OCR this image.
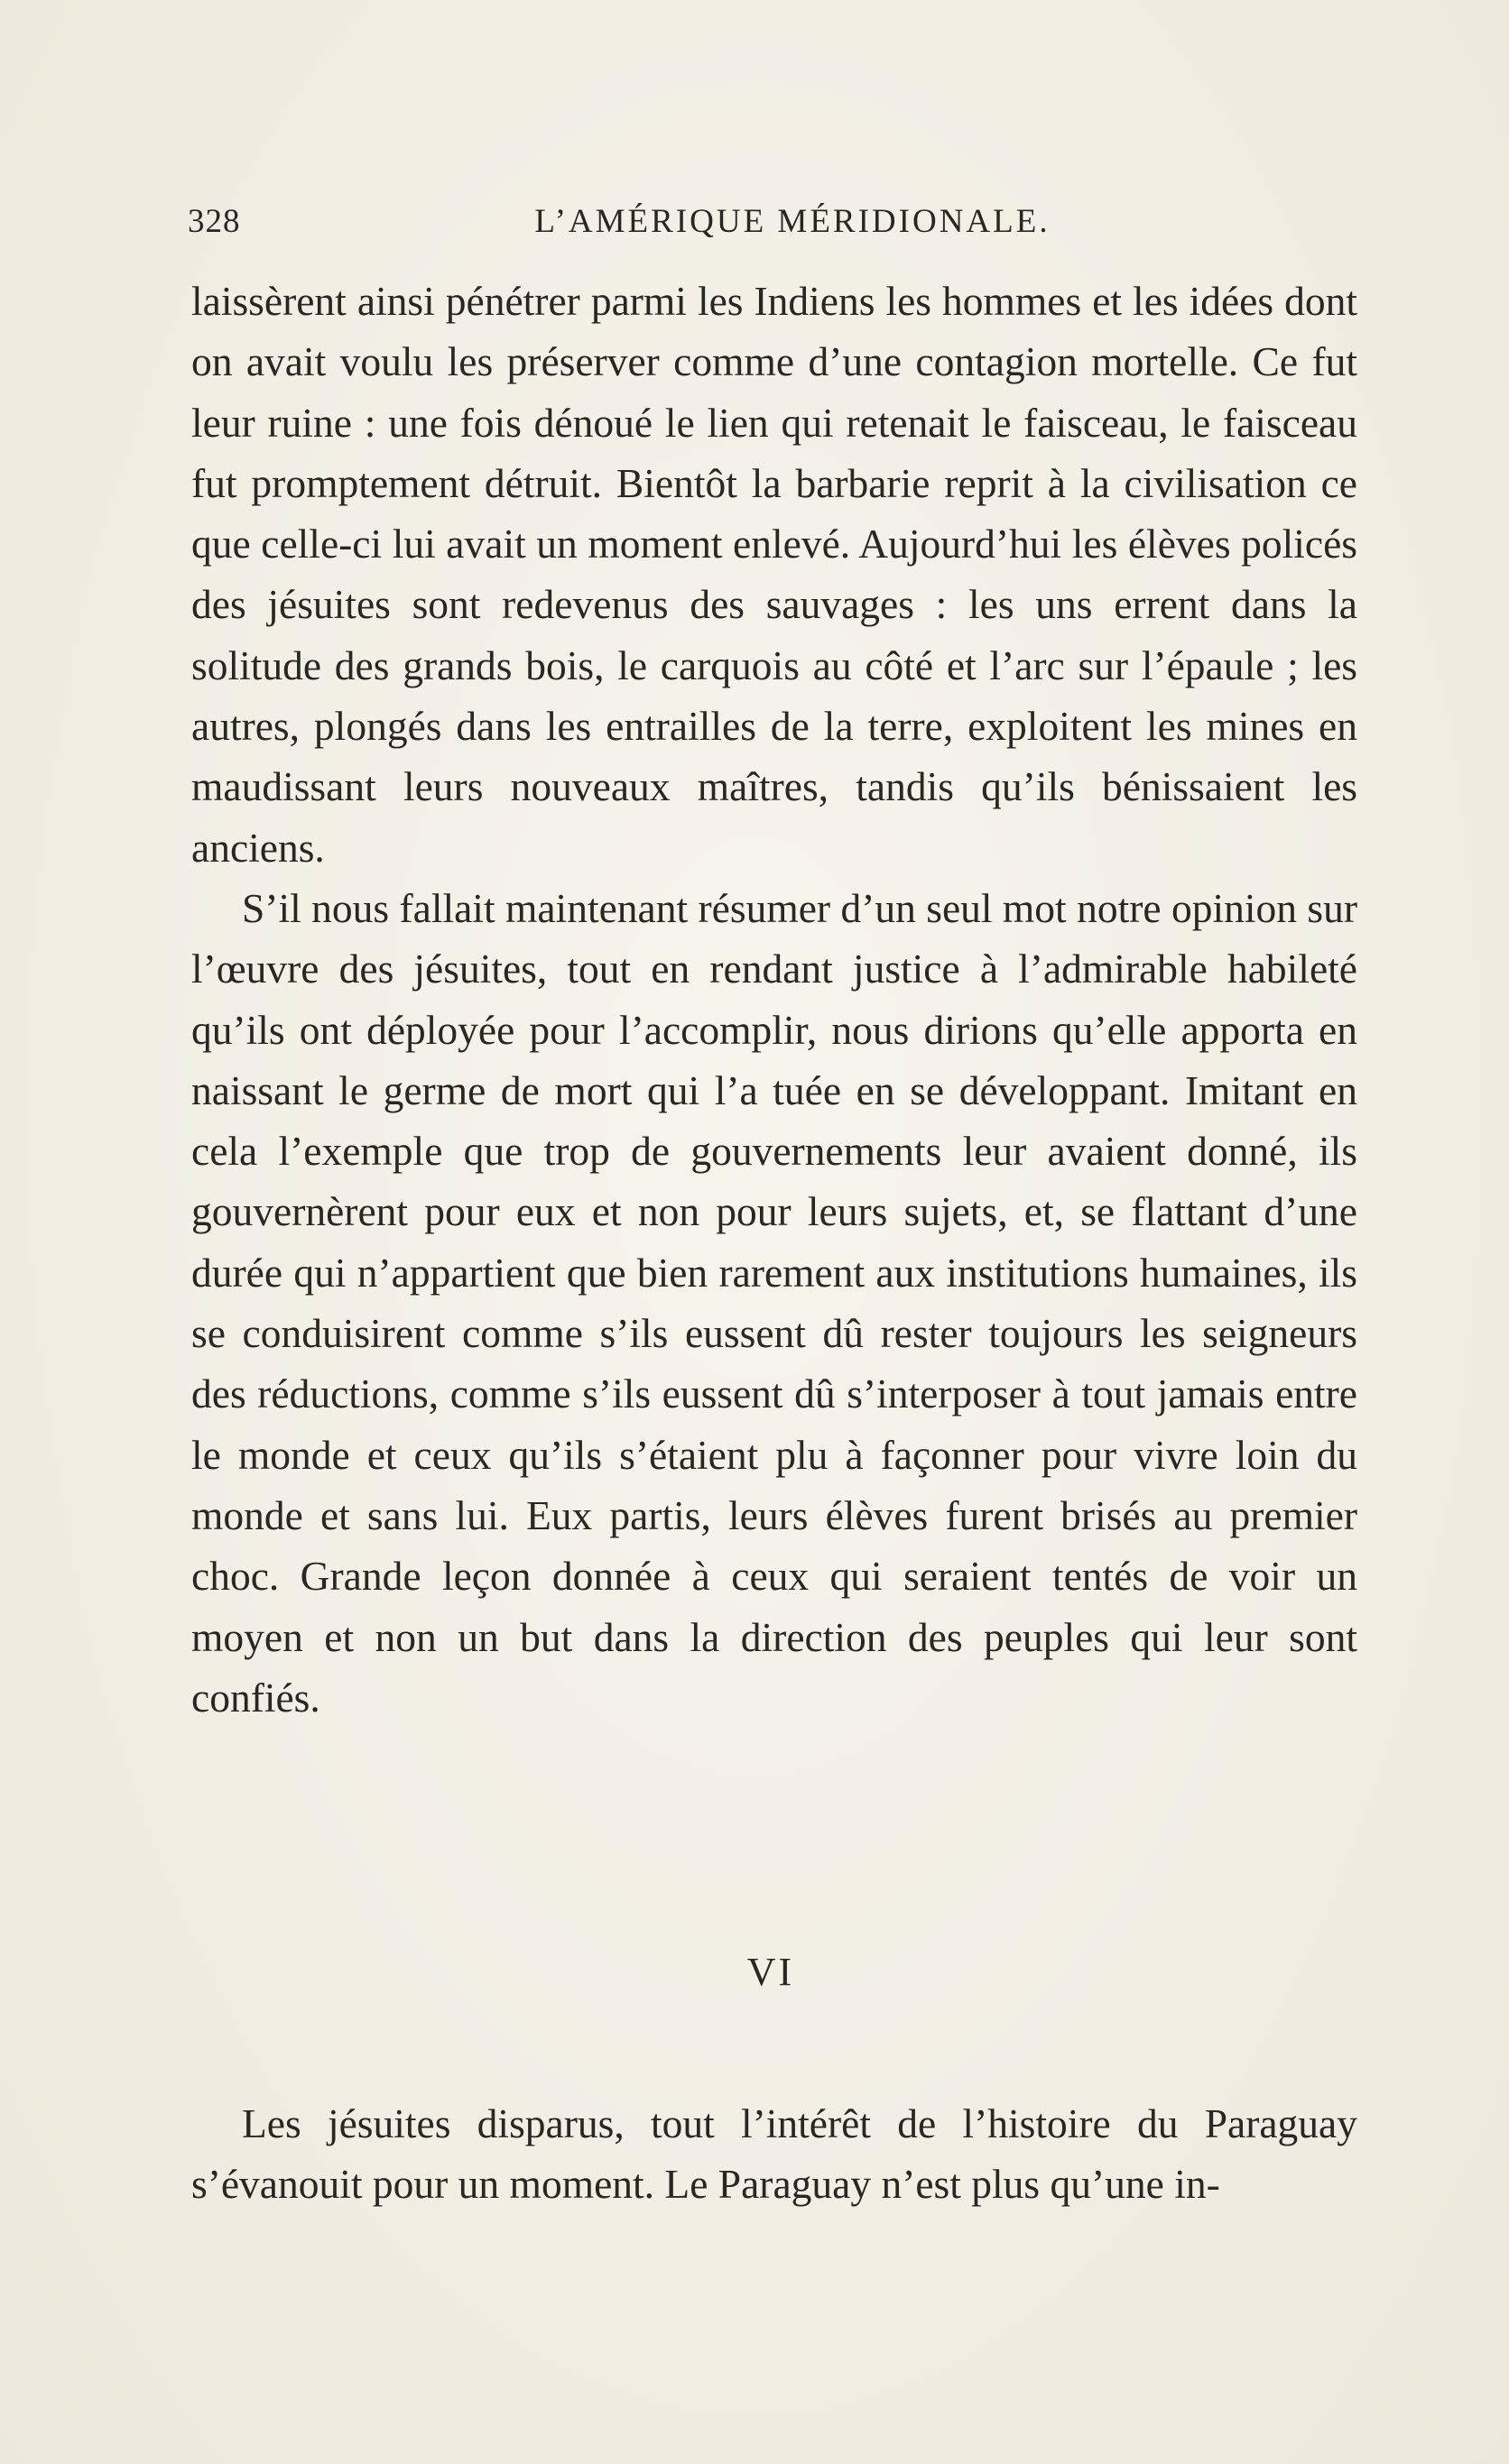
328	L’AMÉRIQUE MÉRIDIONALE.

laissèrent ainsi pénétrer parmi les Indiens les hommes et les idées dont on avait voulu les préserver comme d’une contagion mortelle. Ce fut leur ruine : une fois dénoué le lien qui retenait le faisceau, le faisceau fut promptement détruit. Bientôt la barbarie reprit à la civilisation ce que celle-ci lui avait un moment enlevé. Aujourd’hui les élèves policés des jésuites sont redevenus des sauvages : les uns errent dans la solitude des grands bois, le carquois au côté et l’arc sur l’épaule ; les autres, plongés dans les entrailles de la terre, exploitent les mines en maudissant leurs nouveaux maîtres, tandis qu’ils bénissaient les anciens.

S’il nous fallait maintenant résumer d’un seul mot notre opinion sur l’œuvre des jésuites, tout en rendant justice à l’admirable habileté qu’ils ont déployée pour l’accomplir, nous dirions qu’elle apporta en naissant le germe de mort qui l’a tuée en se développant. Imitant en cela l’exemple que trop de gouvernements leur avaient donné, ils gouvernèrent pour eux et non pour leurs sujets, et, se flattant d’une durée qui n’appartient que bien rarement aux institutions humaines, ils se conduisirent comme s’ils eussent dû rester toujours les seigneurs des réductions, comme s’ils eussent dû s’interposer à tout jamais entre le monde et ceux qu’ils s’étaient plu à façonner pour vivre loin du monde et sans lui. Eux partis, leurs élèves furent brisés au premier choc. Grande leçon donnée à ceux qui seraient tentés de voir un moyen et non un but dans la direction des peuples qui leur sont confiés.

VI

Les jésuites disparus, tout l’intérêt de l’histoire du Paraguay s’évanouit pour un moment. Le Paraguay n’est plus qu’une in-
